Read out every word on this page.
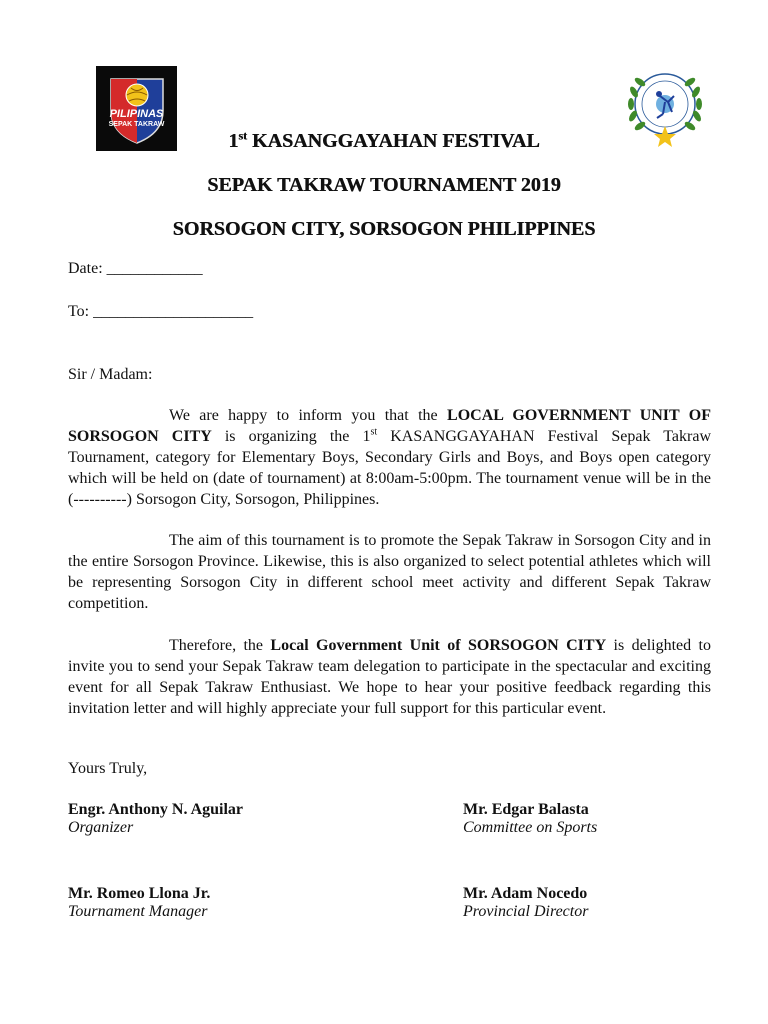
PILIPINAS
SEPAK TAKRAW
1st KASANGGAYAHAN FESTIVAL
SEPAK TAKRAW TOURNAMENT 2019
SORSOGON CITY, SORSOGON PHILIPPINES
Date: ____________
To: ____________________
Sir / Madam:

We are happy to inform you that the LOCAL GOVERNMENT UNIT OF SORSOGON CITY is organizing the 1st KASANGGAYAHAN Festival Sepak Takraw Tournament, category for Elementary Boys, Secondary Girls and Boys, and Boys open category which will be held on (date of tournament) at 8:00am-5:00pm. The tournament venue will be in the (----------) Sorsogon City, Sorsogon, Philippines.

The aim of this tournament is to promote the Sepak Takraw in Sorsogon City and in the entire Sorsogon Province. Likewise, this is also organized to select potential athletes which will be representing Sorsogon City in different school meet activity and different Sepak Takraw competition.

Therefore, the Local Government Unit of SORSOGON CITY is delighted to invite you to send your Sepak Takraw team delegation to participate in the spectacular and exciting event for all Sepak Takraw Enthusiast. We hope to hear your positive feedback regarding this invitation letter and will highly appreciate your full support for this particular event.

Yours Truly,
Engr. Anthony N. Aguilar
Organizer
Mr. Edgar Balasta
Committee on Sports
Mr. Romeo Llona Jr.
Tournament Manager
Mr. Adam Nocedo
Provincial Director
